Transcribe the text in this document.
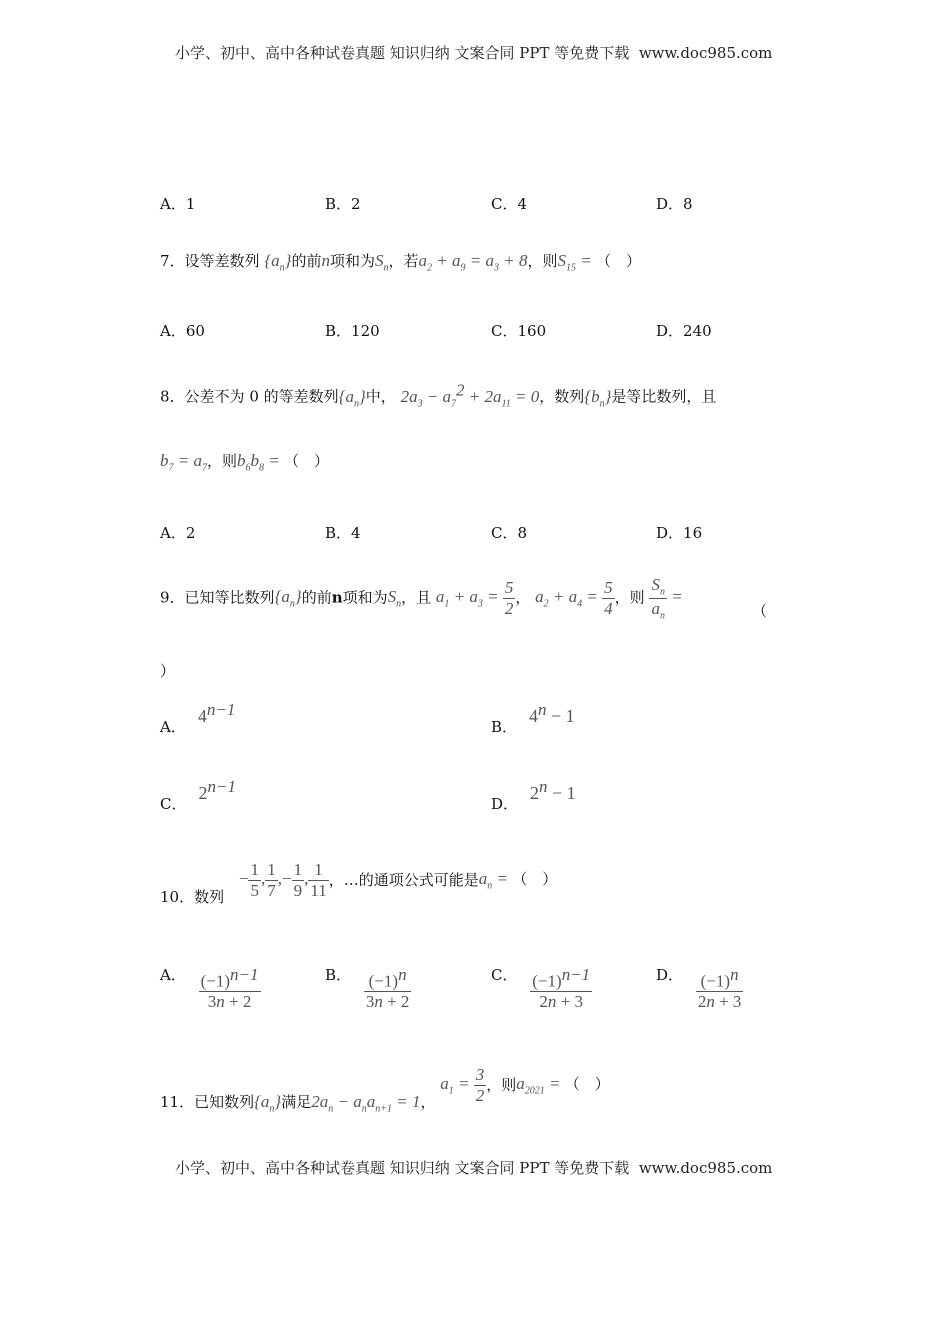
小学、初中、高中各种试卷真题 知识归纳 文案合同 PPT 等免费下载 www.doc985.com
A．1	B．2	C．4	D．8
7．设等差数列 $\{a_n\}$的前n项和为$S_n$，若$a_2 + a_9 = a_3 + 8$，则$S_{15}$ = （　）
A．60	B．120	C．160	D．240
8．公差不为 0 的等差数列$\{a_n\}$中， $2a_3 - a_7^2 + 2a_{11} = 0$，数列$\{b_n\}$是等比数列，且
$b_7 = a_7$，则$b_6b_8$ = （　）
A．2	B．4	C．8	D．16
9．已知等比数列$\{a_n\}$的前n项和为$S_n$，且 $a_1 + a_3 = \frac{5}{2}$ ， $a_2 + a_4 = \frac{5}{4}$ ，则 $\frac{S_n}{a_n}$ =
（
）
A．$4^{n-1}$
B．$4^n - 1$
C．$2^{n-1}$
D．$2^n - 1$
10．数列 − $\frac{1}{5}$ , $\frac{1}{7}$ ,− $\frac{1}{9}$ , $\frac{1}{11}$ ，…的通项公式可能是$a_n$ = （　）
A． $\frac{(-1)^{n-1}}{3n + 2}$	B． $\frac{(-1)^n}{3n + 2}$	C． $\frac{(-1)^{n-1}}{2n + 3}$	D． $\frac{(-1)^n}{2n + 3}$
11．已知数列$\{a_n\}$满足$2a_n - a_na_{n+1} = 1$， $a_1 = \frac{3}{2}$ ，则$a_{2021}$ = （　）
小学、初中、高中各种试卷真题 知识归纳 文案合同 PPT 等免费下载 www.doc985.com
